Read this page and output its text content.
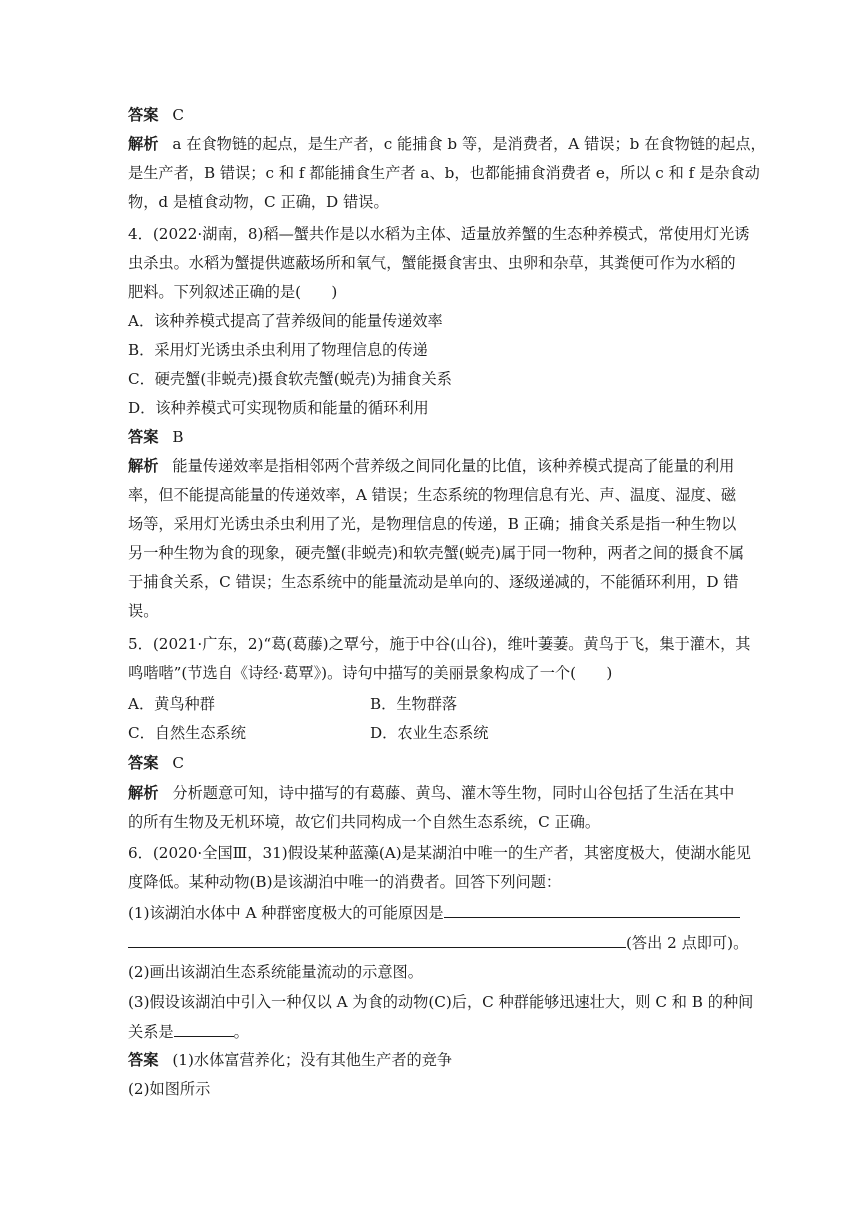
答案 C
解析 a 在食物链的起点，是生产者，c 能捕食 b 等，是消费者，A 错误；b 在食物链的起点，
是生产者，B 错误；c 和 f 都能捕食生产者 a、b，也都能捕食消费者 e，所以 c 和 f 是杂食动
物，d 是植食动物，C 正确，D 错误。
4．(2022·湖南，8)稻—蟹共作是以水稻为主体、适量放养蟹的生态种养模式，常使用灯光诱
虫杀虫。水稻为蟹提供遮蔽场所和氧气，蟹能摄食害虫、虫卵和杂草，其粪便可作为水稻的
肥料。下列叙述正确的是(　　)
A．该种养模式提高了营养级间的能量传递效率
B．采用灯光诱虫杀虫利用了物理信息的传递
C．硬壳蟹(非蜕壳)摄食软壳蟹(蜕壳)为捕食关系
D．该种养模式可实现物质和能量的循环利用
答案 B
解析 能量传递效率是指相邻两个营养级之间同化量的比值，该种养模式提高了能量的利用
率，但不能提高能量的传递效率，A 错误；生态系统的物理信息有光、声、温度、湿度、磁
场等，采用灯光诱虫杀虫利用了光，是物理信息的传递，B 正确；捕食关系是指一种生物以
另一种生物为食的现象，硬壳蟹(非蜕壳)和软壳蟹(蜕壳)属于同一物种，两者之间的摄食不属
于捕食关系，C 错误；生态系统中的能量流动是单向的、逐级递减的，不能循环利用，D 错
误。
5．(2021·广东，2)“葛(葛藤)之覃兮，施于中谷(山谷)，维叶萋萋。黄鸟于飞，集于灌木，其
鸣喈喈”(节选自《诗经·葛覃》)。诗句中描写的美丽景象构成了一个(　　)
A．黄鸟种群	B．生物群落
C．自然生态系统	D．农业生态系统
答案 C
解析 分析题意可知，诗中描写的有葛藤、黄鸟、灌木等生物，同时山谷包括了生活在其中
的所有生物及无机环境，故它们共同构成一个自然生态系统，C 正确。
6．(2020·全国Ⅲ，31)假设某种蓝藻(A)是某湖泊中唯一的生产者，其密度极大，使湖水能见
度降低。某种动物(B)是该湖泊中唯一的消费者。回答下列问题：
(1)该湖泊水体中 A 种群密度极大的可能原因是
(答出 2 点即可)。
(2)画出该湖泊生态系统能量流动的示意图。
(3)假设该湖泊中引入一种仅以 A 为食的动物(C)后，C 种群能够迅速壮大，则 C 和 B 的种间
关系是	。
答案 (1)水体富营养化；没有其他生产者的竞争
(2)如图所示
